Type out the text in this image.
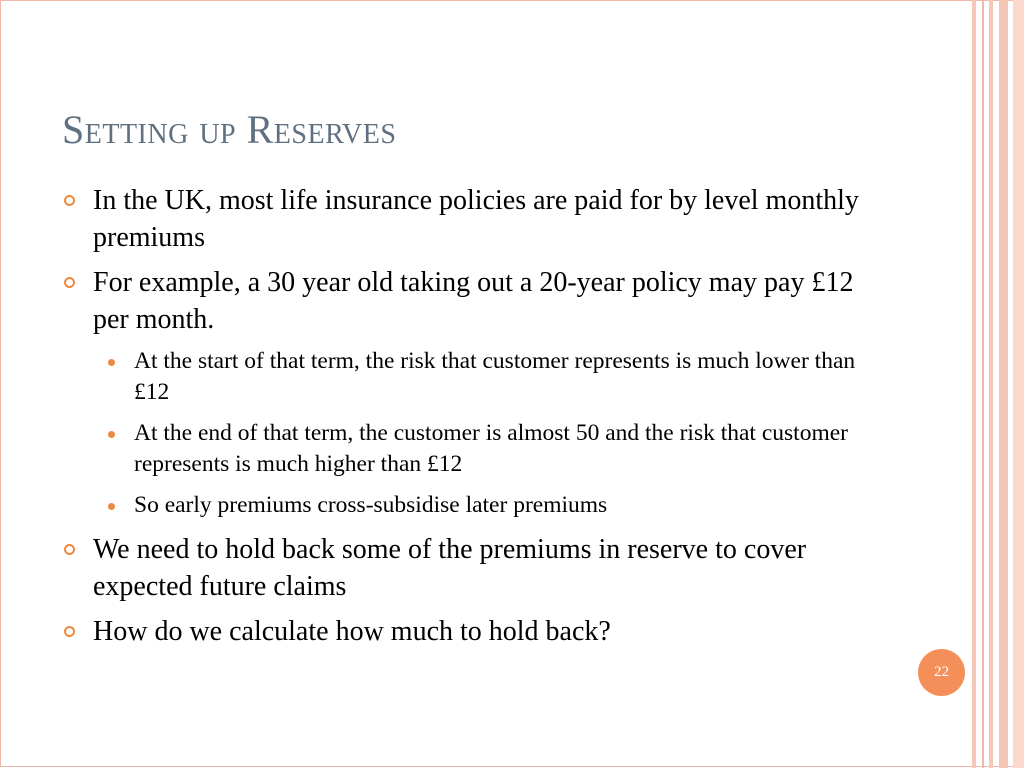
Setting up Reserves
In the UK, most life insurance policies are paid for by level monthly premiums
For example, a 30 year old taking out a 20-year policy may pay £12 per month.
At the start of that term, the risk that customer represents is much lower than £12
At the end of that term, the customer is almost 50 and the risk that customer represents is much higher than £12
So early premiums cross-subsidise later premiums
We need to hold back some of the premiums in reserve to cover expected future claims
How do we calculate how much to hold back?
22
